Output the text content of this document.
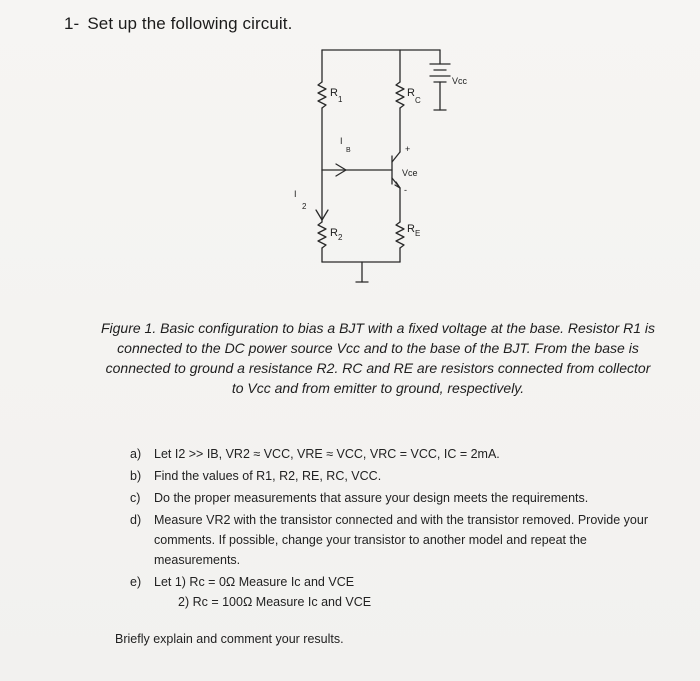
1- Set up the following circuit.
Vcc
R
1
R
C
I
B	+
Vce
-
I
2
R 2
R E
Figure 1. Basic configuration to bias a BJT with a fixed voltage at the base. Resistor R1 is connected to the DC power source Vcc and to the base of the BJT. From the base is connected to ground a resistance R2. RC and RE are resistors connected from collector to Vcc and from emitter to ground, respectively.
a) Let I2 >> IB, VR2 ≈ VCC, VRE ≈ VCC, VRC = VCC, IC = 2mA.
b) Find the values of R1, R2, RE, RC, VCC.
c) Do the proper measurements that assure your design meets the requirements.
d) Measure VR2 with the transistor connected and with the transistor removed. Provide your comments. If possible, change your transistor to another model and repeat the measurements.
e) Let 1) Rc = 0Ω Measure Ic and VCE
2) Rc = 100Ω Measure Ic and VCE
Briefly explain and comment your results.
